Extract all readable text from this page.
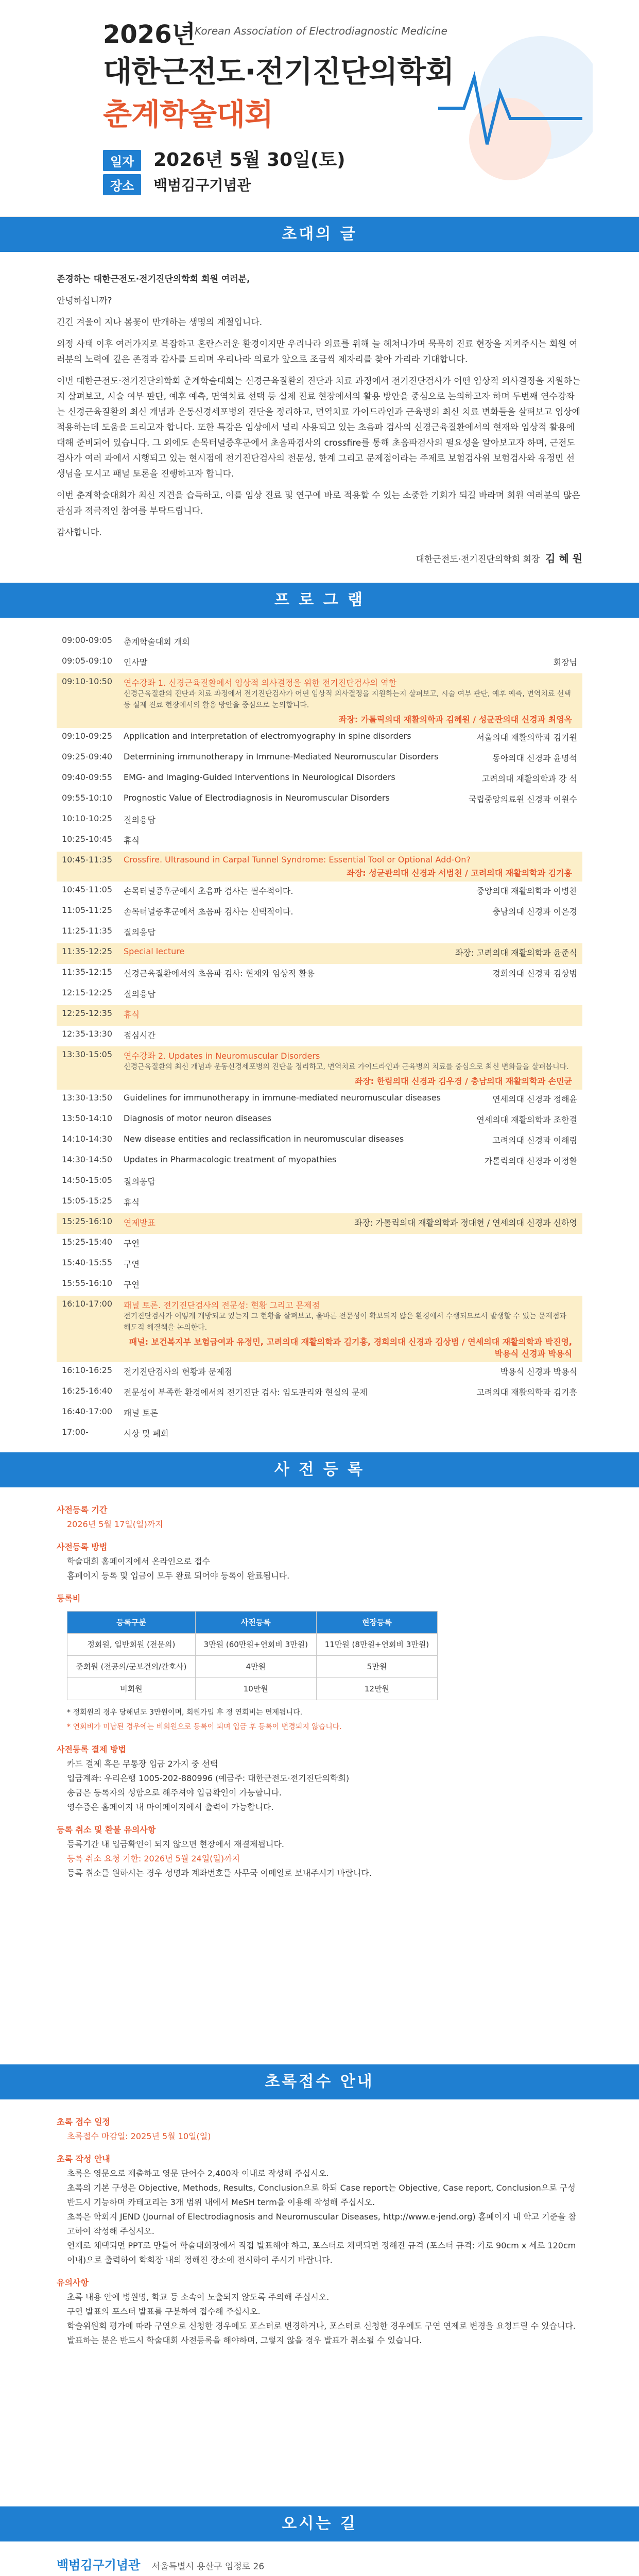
2026년
Korean Association of Electrodiagnostic Medicine
대한근전도·전기진단의학회
춘계학술대회
일자 2026년 5월 30일(토)
장소 백범김구기념관
초대의 글

존경하는 대한근전도·전기진단의학회 회원 여러분,

안녕하십니까?

긴긴 겨울이 지나 봄꽃이 만개하는 생명의 계절입니다.

의정 사태 이후 여러가지로 복잡하고 혼란스러운 환경이지만 우리나라 의료를 위해 늘 헤쳐나가며 묵묵히 진료 현장을 지켜주시는 회원 여러분의 노력에 깊은 존경과 감사를 드리며 우리나라 의료가 앞으로 조금씩 제자리를 찾아 가리라 기대합니다.

이번 대한근전도·전기진단의학회 춘계학술대회는 신경근육질환의 진단과 치료 과정에서 전기진단검사가 어떤 임상적 의사결정을 지원하는지 살펴보고, 시술 여부 판단, 예후 예측, 면역치료 선택 등 실제 진료 현장에서의 활용 방안을 중심으로 논의하고자 하며 두번째 연수강좌는 신경근육질환의 최신 개념과 운동신경세포병의 진단을 정리하고, 면역치료 가이드라인과 근육병의 최신 치료 변화들을 살펴보고 임상에 적용하는데 도움을 드리고자 합니다. 또한 특강은 임상에서 널리 사용되고 있는 초음파 검사의 신경근육질환에서의 현재와 임상적 활용에 대해 준비되어 있습니다. 그 외에도 손목터널증후군에서 초음파검사의 crossfire를 통해 초음파검사의 필요성을 알아보고자 하며, 근전도검사가 여러 과에서 시행되고 있는 현시점에 전기진단검사의 전문성, 한계 그리고 문제점이라는 주제로 보험검사위 보험검사와 유정민 선생님을 모시고 패널 토론을 진행하고자 합니다.

이번 춘계학술대회가 최신 지견을 습득하고, 이를 임상 진료 및 연구에 바로 적용할 수 있는 소중한 기회가 되길 바라며 회원 여러분의 많은 관심과 적극적인 참여를 부탁드립니다.

감사합니다.

대한근전도·전기진단의학회 회장 김 혜 원
프 로 그 램
09:00-09:05	춘계학술대회 개회
09:05-09:10	인사말	회장님
09:10-10:50	연수강좌 1. 신경근육질환에서 임상적 의사결정을 위한 전기진단검사의 역할
신경근육질환의 진단과 치료 과정에서 전기진단검사가 어떤 임상적 의사결정을 지원하는지 살펴보고, 시술 여부 판단, 예후 예측, 면역치료 선택 등 실제 진료 현장에서의 활용 방안을 중심으로 논의합니다.
좌장: 가톨릭의대 재활의학과 김혜원 / 성균관의대 신경과 최영옥
09:10-09:25	Application and interpretation of electromyography in spine disorders	서울의대 재활의학과 김기원
09:25-09:40	Determining immunotherapy in Immune-Mediated Neuromuscular Disorders	동아의대 신경과 윤명석
09:40-09:55	EMG- and Imaging-Guided Interventions in Neurological Disorders	고려의대 재활의학과 강 석
09:55-10:10	Prognostic Value of Electrodiagnosis in Neuromuscular Disorders	국립중앙의료원 신경과 이원수
10:10-10:25	질의응답
10:25-10:45	휴식
10:45-11:35	Crossfire. Ultrasound in Carpal Tunnel Syndrome: Essential Tool or Optional Add-On?
좌장: 성균관의대 신경과 서범천 / 고려의대 재활의학과 김기흥
10:45-11:05	손목터널증후군에서 초음파 검사는 필수적이다.	중앙의대 재활의학과 이병찬
11:05-11:25	손목터널증후군에서 초음파 검사는 선택적이다.	충남의대 신경과 이은경
11:25-11:35	질의응답
11:35-12:25	Special lecture	좌장: 고려의대 재활의학과 윤준식
11:35-12:15	신경근육질환에서의 초음파 검사: 현재와 임상적 활용	경희의대 신경과 김상범
12:15-12:25	질의응답
12:25-12:35	휴식
12:35-13:30	점심시간
13:30-15:05	연수강좌 2. Updates in Neuromuscular Disorders
신경근육질환의 최신 개념과 운동신경세포병의 진단을 정리하고, 면역치료 가이드라인과 근육병의 치료를 중심으로 최신 변화들을 살펴봅니다.
좌장: 한림의대 신경과 김우경 / 충남의대 재활의학과 손민균
13:30-13:50	Guidelines for immunotherapy in immune-mediated neuromuscular diseases	연세의대 신경과 정해윤
13:50-14:10	Diagnosis of motor neuron diseases	연세의대 재활의학과 조한결
14:10-14:30	New disease entities and reclassification in neuromuscular diseases	고려의대 신경과 이해림
14:30-14:50	Updates in Pharmacologic treatment of myopathies	가톨릭의대 신경과 이정환
14:50-15:05	질의응답
15:05-15:25	휴식
15:25-16:10	연제발표	좌장: 가톨릭의대 재활의학과 정대현 / 연세의대 신경과 신하영
15:25-15:40	구연
15:40-15:55	구연
15:55-16:10	구연
16:10-17:00	패널 토론. 전기진단검사의 전문성: 현황 그리고 문제점
전기진단검사가 어떻게 개방되고 있는지 그 현황을 살펴보고, 올바른 전문성이 확보되지 않은 환경에서 수행되므로서 발생할 수 있는 문제점과 해도적 해결책을 논의한다.
패널: 보건복지부 보험급여과 유정민, 고려의대 재활의학과 김기흥, 경희의대 신경과 김상범 / 연세의대 재활의학과 박진영, 박용식 신경과 박용식
16:10-16:25	전기진단검사의 현황과 문제점	박용식 신경과 박용식
16:25-16:40	전문성이 부족한 환경에서의 전기진단 검사: 임도관리와 현실의 문제	고려의대 재활의학과 김기흥
16:40-17:00	패널 토론
17:00-	시상 및 폐회
사 전 등 록
사전등록 기간
2026년 5월 17일(일)까지
사전등록 방법
학술대회 홈페이지에서 온라인으로 접수
홈페이지 등록 및 입금이 모두 완료 되어야 등록이 완료됩니다.
등록비
등록구분	사전등록	현장등록
정회원, 일반회원 (전문의)	3만원 (60만원+연회비 3만원)	11만원 (8만원+연회비 3만원)
준회원 (전공의/군보건의/간호사)	4만원	5만원
비회원	10만원	12만원
* 정회원의 경우 당해년도 3만원이며, 회원가입 후 정 연회비는 면제됩니다.
* 연회비가 미납된 경우에는 비회원으로 등록이 되며 입금 후 등록이 변경되지 않습니다.
사전등록 결제 방법
카드 결제 혹은 무통장 입금 2가지 중 선택
입금계좌: 우리은행 1005-202-880996 (예금주: 대한근전도·전기진단의학회)
송금은 등록자의 성함으로 해주셔야 입금확인이 가능합니다.
영수증은 홈페이지 내 마이페이지에서 출력이 가능합니다.
등록 취소 및 환불 유의사항
등록기간 내 입금확인이 되지 않으면 현장에서 재결제됩니다.
등록 취소 요청 기한: 2026년 5월 24일(일)까지
등록 취소를 원하시는 경우 성명과 계좌번호를 사무국 이메일로 보내주시기 바랍니다.
초록접수 안내
초록 접수 일정
초록접수 마감일: 2025년 5월 10일(일)
초록 작성 안내
초록은 영문으로 제출하고 영문 단어수 2,400자 이내로 작성해 주십시오.
초록의 기본 구성은 Objective, Methods, Results, Conclusion으로 하되 Case report는 Objective, Case report, Conclusion으로 구성 반드시 기능하며 카테고리는 3개 범위 내에서 MeSH term을 이용해 작성해 주십시오.
초록은 학회지 JEND (Journal of Electrodiagnosis and Neuromuscular Diseases, http://www.e-jend.org) 홈페이지 내 학고 기준을 참고하여 작성해 주십시오.
연제로 채택되면 PPT로 만들어 학술대회장에서 직접 발표해야 하고, 포스터로 채택되면 정해진 규격 (포스터 규격: 가로 90cm x 세로 120cm 이내)으로 출력하여 학회장 내의 정해진 장소에 전시하여 주시기 바랍니다.
유의사항
초록 내용 안에 병원명, 학교 등 소속이 노출되지 않도록 주의해 주십시오.
구연 발표의 포스터 발표를 구분하여 접수해 주십시오.
학술위원회 평가에 따라 구연으로 신청한 경우에도 포스터로 변경하거나, 포스터로 신청한 경우에도 구연 연제로 변경을 요청드릴 수 있습니다.
발표하는 분은 반드시 학술대회 사전등록을 해야하며, 그렇지 않을 경우 발표가 취소될 수 있습니다.
오시는 길
백범김구기념관 서울특별시 용산구 임정로 26
